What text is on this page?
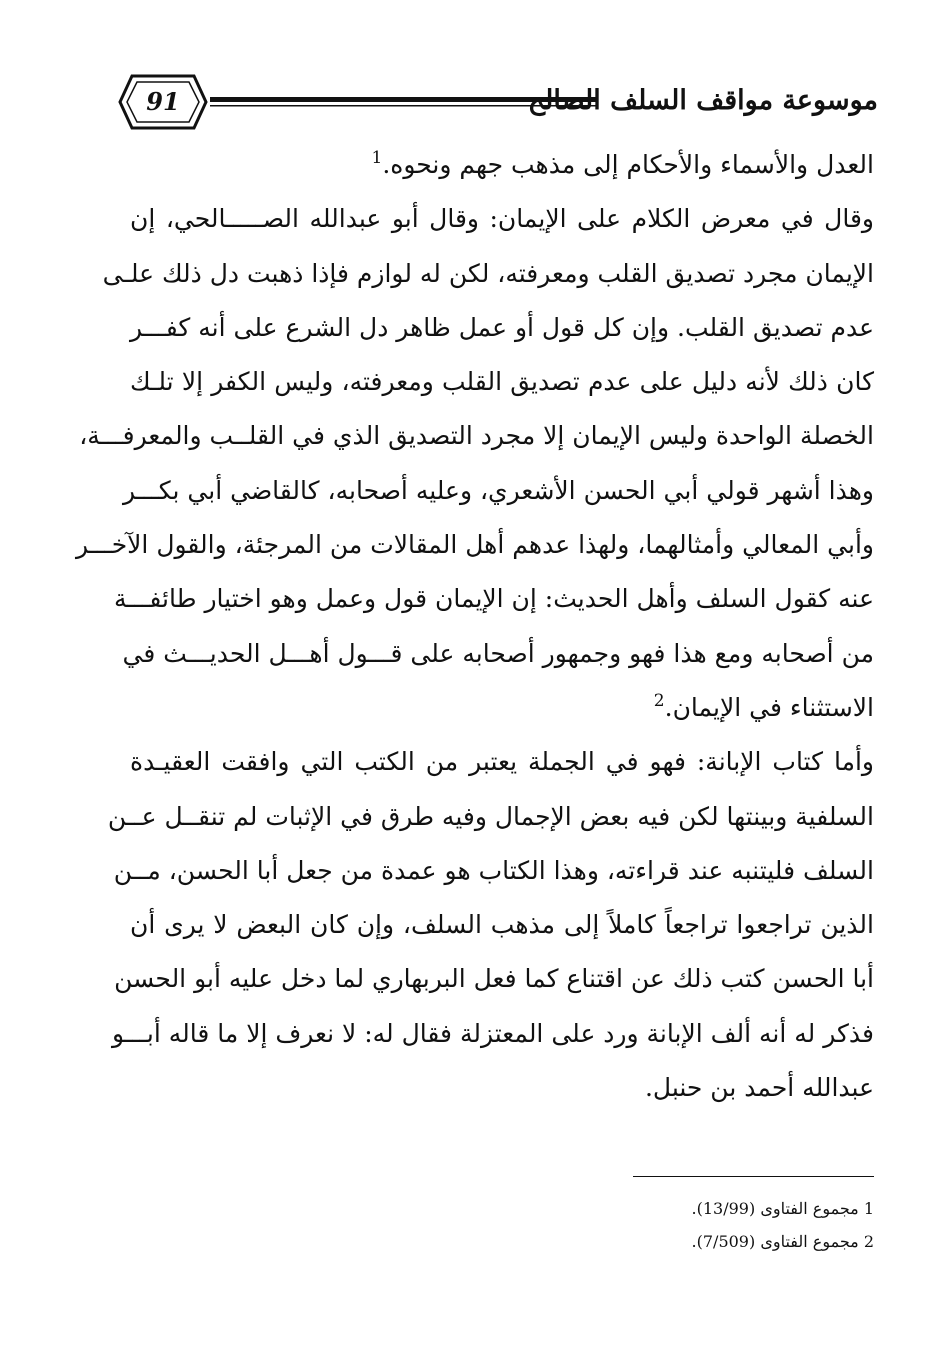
91	موسوعة مواقف السلف الصالح

العدل والأسماء والأحكام إلى مذهب جهم ونحوه.$^1$

وقال في معرض الكلام على الإيمان: وقال أبو عبدالله الصـــــالحي، إن
الإيمان مجرد تصديق القلب ومعرفته، لكن له لوازم فإذا ذهبت دل ذلك علـى
عدم تصديق القلب. وإن كل قول أو عمل ظاهر دل الشرع على أنه كفـــر
كان ذلك لأنه دليل على عدم تصديق القلب ومعرفته، وليس الكفر إلا تلـك
الخصلة الواحدة وليس الإيمان إلا مجرد التصديق الذي في القلــب والمعرفـــة،
وهذا أشهر قولي أبي الحسن الأشعري، وعليه أصحابه، كالقاضي أبي بكـــر
وأبي المعالي وأمثالهما، ولهذا عدهم أهل المقالات من المرجئة، والقول الآخـــر
عنه كقول السلف وأهل الحديث: إن الإيمان قول وعمل وهو اختيار طائفـــة
من أصحابه ومع هذا فهو وجمهور أصحابه على قـــول أهـــل الحديـــث في
الاستثناء في الإيمان.$^2$

وأما كتاب الإبانة: فهو في الجملة يعتبر من الكتب التي وافقت العقيـدة
السلفية وبينتها لكن فيه بعض الإجمال وفيه طرق في الإثبات لم تنقــل عــن
السلف فليتنبه عند قراءته، وهذا الكتاب هو عمدة من جعل أبا الحسن، مــن
الذين تراجعوا تراجعاً كاملاً إلى مذهب السلف، وإن كان البعض لا يرى أن
أبا الحسن كتب ذلك عن اقتناع كما فعل البربهاري لما دخل عليه أبو الحسن
فذكر له أنه ألف الإبانة ورد على المعتزلة فقال له: لا نعرف إلا ما قاله أبـــو
عبدالله أحمد بن حنبل.

1 مجموع الفتاوى (13/99).
2 مجموع الفتاوى (7/509).
